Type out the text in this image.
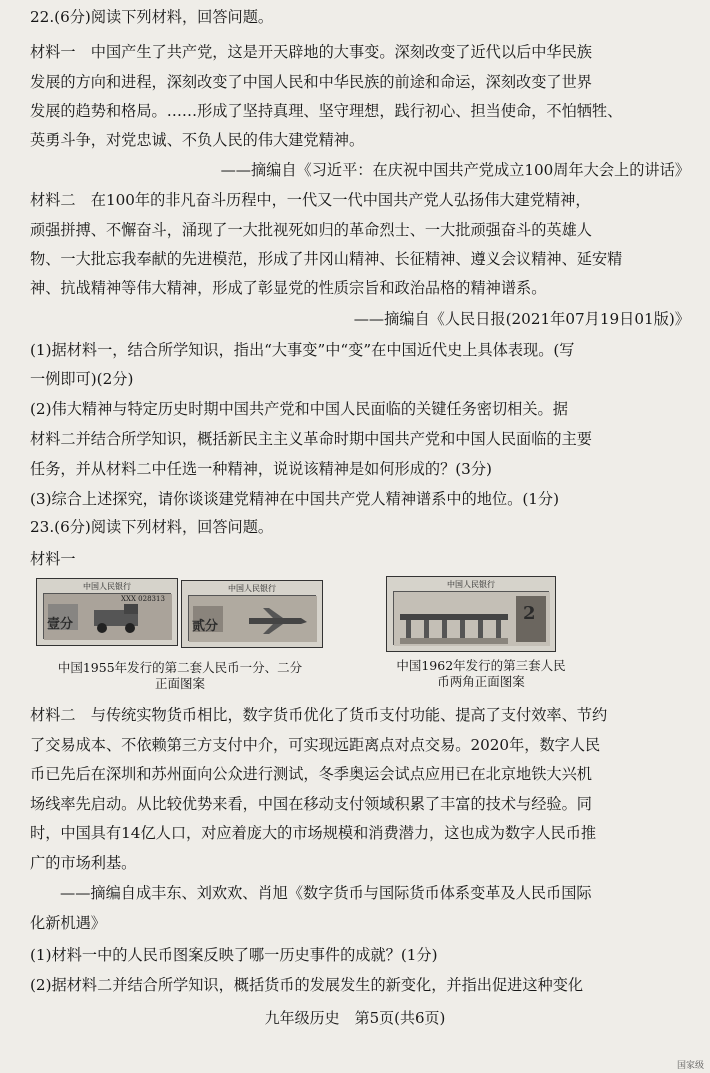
22.(6分)阅读下列材料，回答问题。
材料一　中国产生了共产党，这是开天辟地的大事变。深刻改变了近代以后中华民族
发展的方向和进程，深刻改变了中国人民和中华民族的前途和命运，深刻改变了世界
发展的趋势和格局。……形成了坚持真理、坚守理想，践行初心、担当使命，不怕牺牲、
英勇斗争，对党忠诚、不负人民的伟大建党精神。
——摘编自《习近平：在庆祝中国共产党成立100周年大会上的讲话》
材料二　在100年的非凡奋斗历程中，一代又一代中国共产党人弘扬伟大建党精神，
顽强拼搏、不懈奋斗，涌现了一大批视死如归的革命烈士、一大批顽强奋斗的英雄人
物、一大批忘我奉献的先进模范，形成了井冈山精神、长征精神、遵义会议精神、延安精
神、抗战精神等伟大精神，形成了彰显党的性质宗旨和政治品格的精神谱系。
——摘编自《人民日报(2021年07月19日01版)》
(1)据材料一，结合所学知识，指出“大事变”中“变”在中国近代史上具体表现。(写
一例即可)(2分)
(2)伟大精神与特定历史时期中国共产党和中国人民面临的关键任务密切相关。据
材料二并结合所学知识，概括新民主主义革命时期中国共产党和中国人民面临的主要
任务，并从材料二中任选一种精神，说说该精神是如何形成的？(3分)
(3)综合上述探究，请你谈谈建党精神在中国共产党人精神谱系中的地位。(1分)
23.(6分)阅读下列材料，回答问题。
材料一
中国人民银行
XXX 028313
壹分
中国人民银行
贰分
中国人民银行
2
中国1955年发行的第二套人民币一分、二分
正面图案
中国1962年发行的第三套人民
币两角正面图案
材料二　与传统实物货币相比，数字货币优化了货币支付功能、提高了支付效率、节约
了交易成本、不依赖第三方支付中介，可实现远距离点对点交易。2020年，数字人民
币已先后在深圳和苏州面向公众进行测试，冬季奥运会试点应用已在北京地铁大兴机
场线率先启动。从比较优势来看，中国在移动支付领域积累了丰富的技术与经验。同
时，中国具有14亿人口，对应着庞大的市场规模和消费潜力，这也成为数字人民币推
广的市场利基。
——摘编自成丰东、刘欢欢、肖旭《数字货币与国际货币体系变革及人民币国际
化新机遇》
(1)材料一中的人民币图案反映了哪一历史事件的成就？(1分)
(2)据材料二并结合所学知识，概括货币的发展发生的新变化，并指出促进这种变化
九年级历史　第5页(共6页)
国家级
